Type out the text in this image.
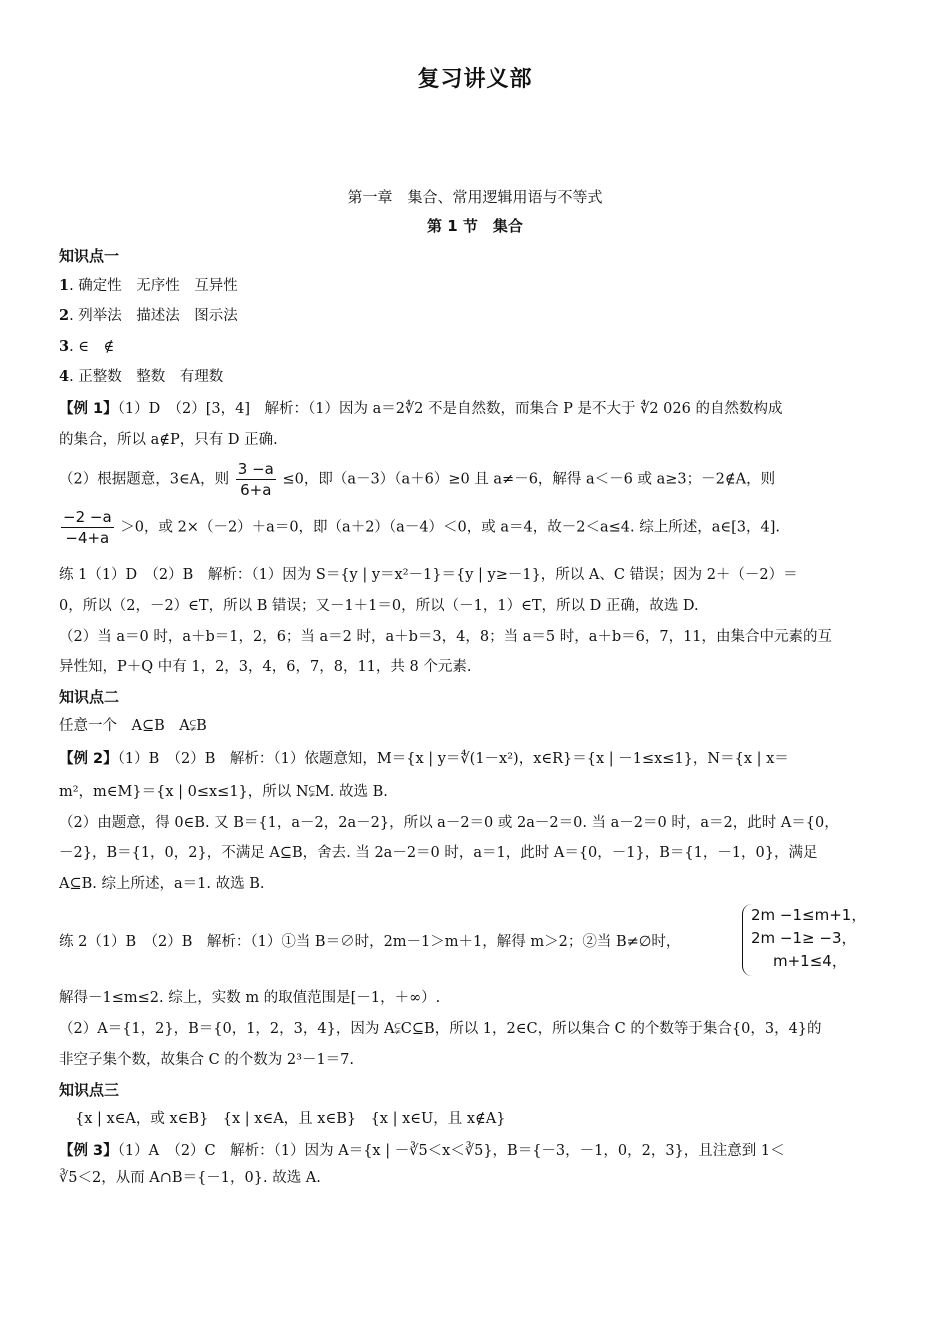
复习讲义部
第一章　集合、常用逻辑用语与不等式
第 1 节　集合
知识点一
1. 确定性　无序性　互异性
2. 列举法　描述法　图示法
3. ∈　∉
4. 正整数　整数　有理数
【例 1】（1）D　（2）[3，4]　解析：（1）因为 a＝2∜2 不是自然数，而集合 P 是不大于 ∜2 026 的自然数构成
的集合，所以 a∉P，只有 D 正确.
（2）根据题意，3∈A，则 $\frac{3 -a}{6+a} \le 0$，即（a－3）（a＋6）≥0 且 a≠－6，解得 a＜－6 或 a≥3；－2∉A，则
$\frac{-2 -a}{-4+a} >0$，或 2×（－2）＋a＝0，即（a＋2）（a－4）＜0，或 a＝4，故－2＜a≤4. 综上所述，a∈[3，4].
练 1（1）D　（2）B　解析：（1）因为 S＝{y | y＝x²－1}＝{y | y≥－1}，所以 A、C 错误；因为 2＋（－2）＝
0，所以（2，－2）∈T，所以 B 错误；又－1＋1＝0，所以（－1，1）∈T，所以 D 正确，故选 D.
（2）当 a＝0 时，a＋b＝1，2，6；当 a＝2 时，a＋b＝3，4，8；当 a＝5 时，a＋b＝6，7，11，由集合中元素的互
异性知，P＋Q 中有 1，2，3，4，6，7，8，11，共 8 个元素.
知识点二
任意一个　A⊆B　A⫋B
【例 2】（1）B　（2）B　解析：（1）依题意知，M＝{x | y＝∜(1－x²)，x∈R}＝{x | －1≤x≤1}，N＝{x | x＝
m²，m∈M}＝{x | 0≤x≤1}，所以 N⫋M. 故选 B.
（2）由题意，得 0∈B. 又 B＝{1，a－2，2a－2}，所以 a－2＝0 或 2a－2＝0. 当 a－2＝0 时，a＝2，此时 A＝{0，
－2}，B＝{1，0，2}，不满足 A⊆B，舍去. 当 2a－2＝0 时，a＝1，此时 A＝{0，－1}，B＝{1，－1，0}，满足
A⊆B. 综上所述，a＝1. 故选 B.
练 2（1）B　（2）B　解析：（1）①当 B＝∅时，2m－1＞m＋1，解得 m＞2；②当 B≠∅时，
2m −1≤m+1，
2m −1≥ −3，
m+1≤4，
解得－1≤m≤2. 综上，实数 m 的取值范围是[－1，＋∞）.
（2）A＝{1，2}，B＝{0，1，2，3，4}，因为 A⫋C⊆B，所以 1，2∈C，所以集合 C 的个数等于集合{0，3，4}的
非空子集个数，故集合 C 的个数为 2³－1＝7.
知识点三
{x | x∈A，或 x∈B}　{x | x∈A，且 x∈B}　{x | x∈U，且 x∉A}
【例 3】（1）A　（2）C　解析：（1）因为 A＝{x | －∛5＜x＜∛5}，B＝{－3，－1，0，2，3}，且注意到 1＜
∛5＜2，从而 A∩B＝{－1，0}. 故选 A.
